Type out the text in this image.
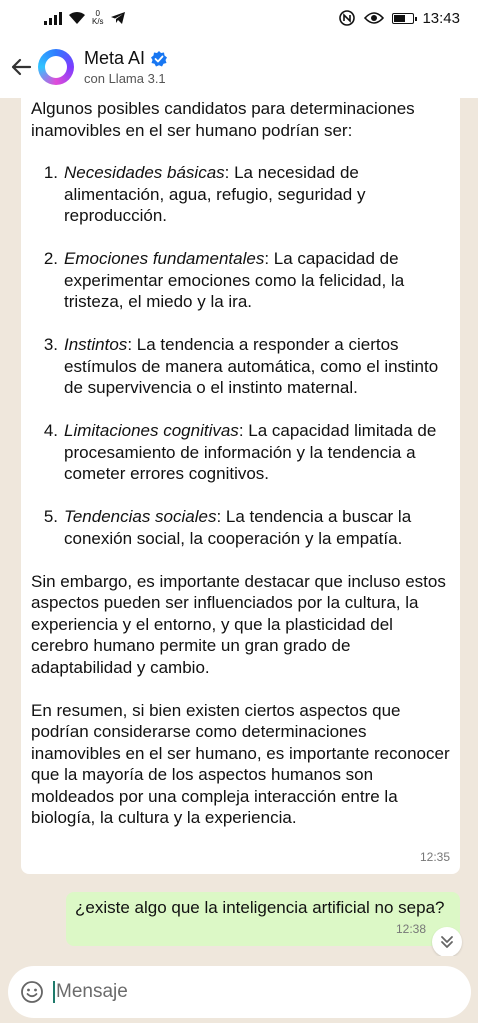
0
K/s	13:43
Meta AI
con Llama 3.1

Algunos posibles candidatos para determinaciones inamovibles en el ser humano podrían ser:

1. Necesidades básicas: La necesidad de alimentación, agua, refugio, seguridad y reproducción.
2. Emociones fundamentales: La capacidad de experimentar emociones como la felicidad, la tristeza, el miedo y la ira.
3. Instintos: La tendencia a responder a ciertos estímulos de manera automática, como el instinto de supervivencia o el instinto maternal.
4. Limitaciones cognitivas: La capacidad limitada de procesamiento de información y la tendencia a cometer errores cognitivos.
5. Tendencias sociales: La tendencia a buscar la conexión social, la cooperación y la empatía.

Sin embargo, es importante destacar que incluso estos aspectos pueden ser influenciados por la cultura, la experiencia y el entorno, y que la plasticidad del cerebro humano permite un gran grado de adaptabilidad y cambio.

En resumen, si bien existen ciertos aspectos que podrían considerarse como determinaciones inamovibles en el ser humano, es importante reconocer que la mayoría de los aspectos humanos son moldeados por una compleja interacción entre la biología, la cultura y la experiencia.

12:35
¿existe algo que la inteligencia artificial no sepa?
12:38
Mensaje
